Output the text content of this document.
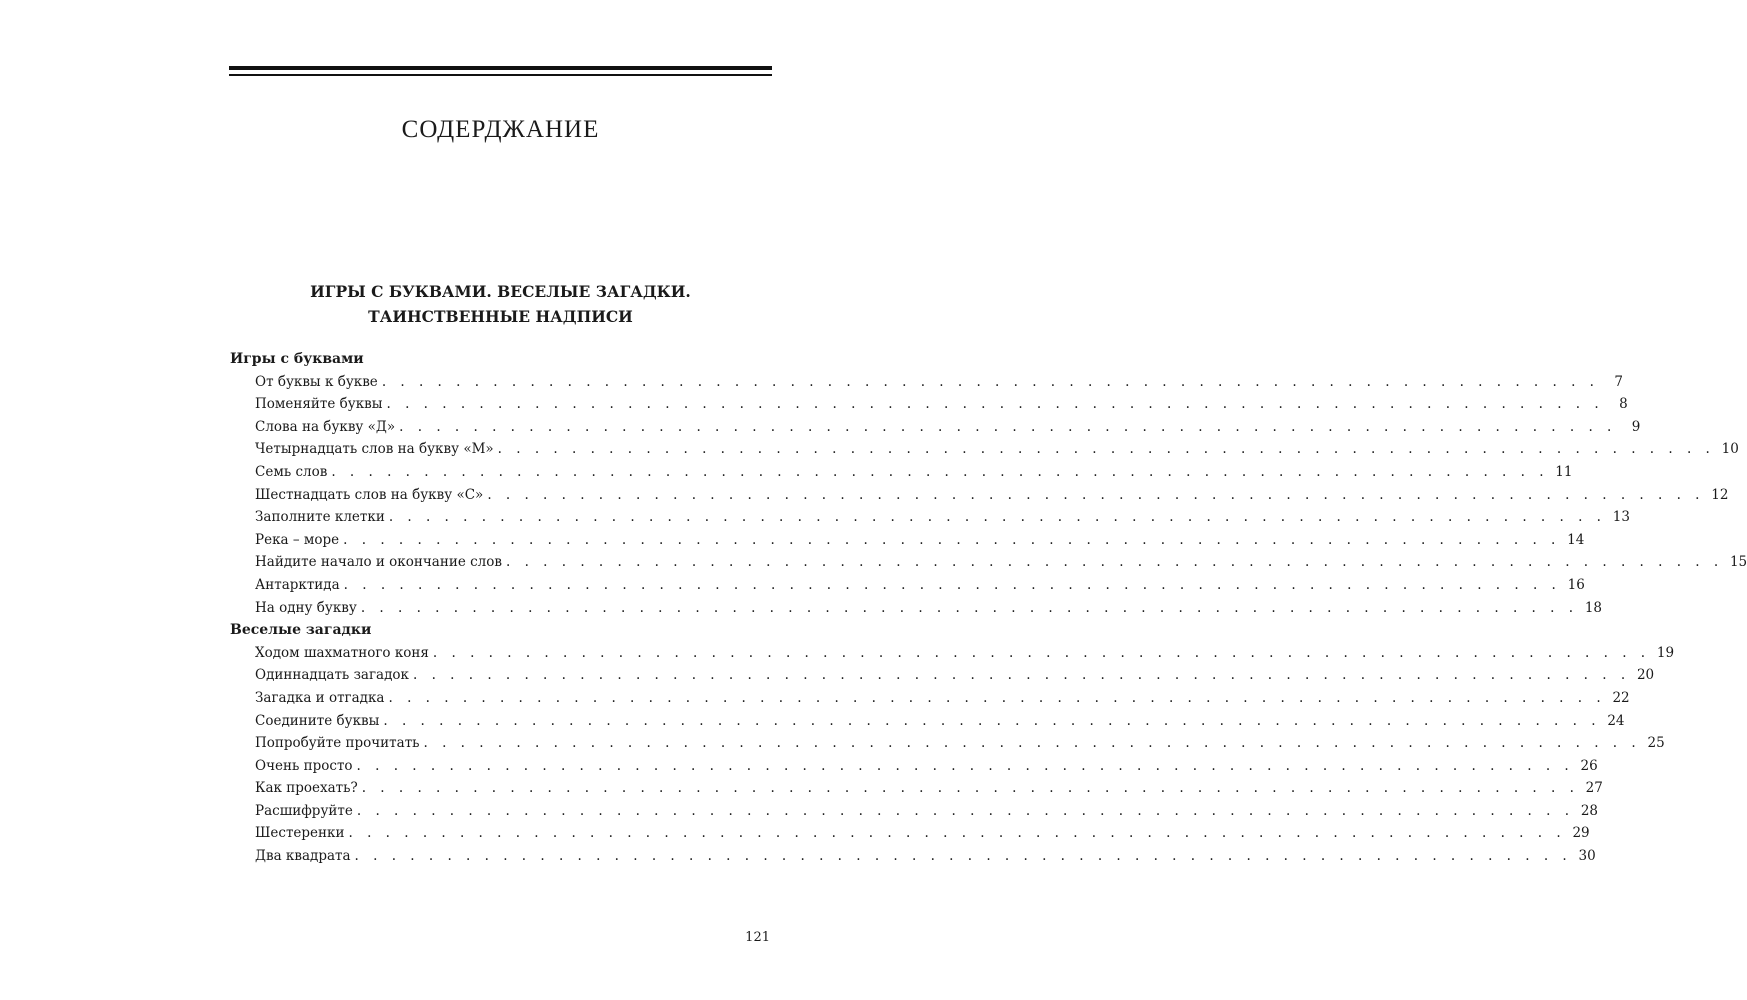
СОДЕРДЖАНИЕ
ИГРЫ С БУКВАМИ. ВЕСЕЛЫЕ ЗАГАДКИ.
ТАИНСТВЕННЫЕ НАДПИСИ
Игры с буквами
От буквы к букве . . . . . . . . . . . . . . . . . . . . . . . . . . . . . . . . . . . . . . . . . . . . . . . . . . . . . . . . . . . . . . . . . .	7
Поменяйте буквы . . . . . . . . . . . . . . . . . . . . . . . . . . . . . . . . . . . . . . . . . . . . . . . . . . . . . . . . . . . . . . . . . .	8
Слова на букву «Д» . . . . . . . . . . . . . . . . . . . . . . . . . . . . . . . . . . . . . . . . . . . . . . . . . . . . . . . . . . . . . . . . . .	9
Четырнадцать слов на букву «М» . . . . . . . . . . . . . . . . . . . . . . . . . . . . . . . . . . . . . . . . . . . . . . . . . . . . . . . . . . . . . . . . . . 10
Семь слов . . . . . . . . . . . . . . . . . . . . . . . . . . . . . . . . . . . . . . . . . . . . . . . . . . . . . . . . . . . . . . . . . . 11
Шестнадцать слов на букву «С» . . . . . . . . . . . . . . . . . . . . . . . . . . . . . . . . . . . . . . . . . . . . . . . . . . . . . . . . . . . . . . . . . . 12
Заполните клетки . . . . . . . . . . . . . . . . . . . . . . . . . . . . . . . . . . . . . . . . . . . . . . . . . . . . . . . . . . . . . . . . . . 13
Река – море . . . . . . . . . . . . . . . . . . . . . . . . . . . . . . . . . . . . . . . . . . . . . . . . . . . . . . . . . . . . . . . . . . 14
Найдите начало и окончание слов . . . . . . . . . . . . . . . . . . . . . . . . . . . . . . . . . . . . . . . . . . . . . . . . . . . . . . . . . . . . . . . . . . 15
Антарктида . . . . . . . . . . . . . . . . . . . . . . . . . . . . . . . . . . . . . . . . . . . . . . . . . . . . . . . . . . . . . . . . . . 16
На одну букву . . . . . . . . . . . . . . . . . . . . . . . . . . . . . . . . . . . . . . . . . . . . . . . . . . . . . . . . . . . . . . . . . . 18
Веселые загадки
Ходом шахматного коня . . . . . . . . . . . . . . . . . . . . . . . . . . . . . . . . . . . . . . . . . . . . . . . . . . . . . . . . . . . . . . . . . . 19
Одиннадцать загадок . . . . . . . . . . . . . . . . . . . . . . . . . . . . . . . . . . . . . . . . . . . . . . . . . . . . . . . . . . . . . . . . . . 20
Загадка и отгадка . . . . . . . . . . . . . . . . . . . . . . . . . . . . . . . . . . . . . . . . . . . . . . . . . . . . . . . . . . . . . . . . . . 22
Соедините буквы . . . . . . . . . . . . . . . . . . . . . . . . . . . . . . . . . . . . . . . . . . . . . . . . . . . . . . . . . . . . . . . . . . 24
Попробуйте прочитать . . . . . . . . . . . . . . . . . . . . . . . . . . . . . . . . . . . . . . . . . . . . . . . . . . . . . . . . . . . . . . . . . . 25
Очень просто . . . . . . . . . . . . . . . . . . . . . . . . . . . . . . . . . . . . . . . . . . . . . . . . . . . . . . . . . . . . . . . . . . 26
Как проехать? . . . . . . . . . . . . . . . . . . . . . . . . . . . . . . . . . . . . . . . . . . . . . . . . . . . . . . . . . . . . . . . . . . 27
Расшифруйте . . . . . . . . . . . . . . . . . . . . . . . . . . . . . . . . . . . . . . . . . . . . . . . . . . . . . . . . . . . . . . . . . . 28
Шестеренки . . . . . . . . . . . . . . . . . . . . . . . . . . . . . . . . . . . . . . . . . . . . . . . . . . . . . . . . . . . . . . . . . . 29
Два квадрата . . . . . . . . . . . . . . . . . . . . . . . . . . . . . . . . . . . . . . . . . . . . . . . . . . . . . . . . . . . . . . . . . . 30
121
